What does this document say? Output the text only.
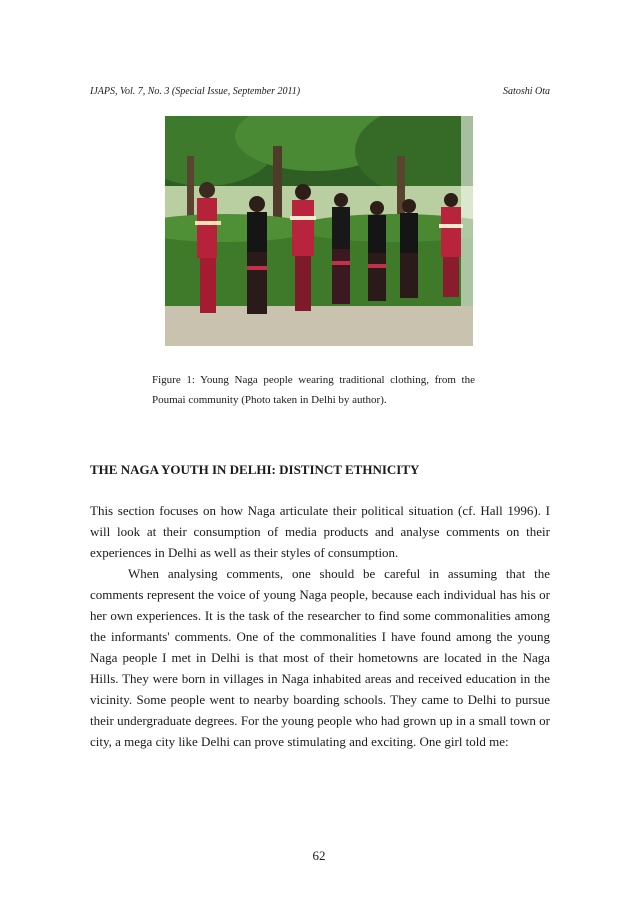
IJAPS, Vol. 7, No. 3 (Special Issue, September 2011)	Satoshi Ota
Figure 1: Young Naga people wearing traditional clothing, from the Poumai community (Photo taken in Delhi by author).
THE NAGA YOUTH IN DELHI: DISTINCT ETHNICITY

This section focuses on how Naga articulate their political situation (cf. Hall 1996). I will look at their consumption of media products and analyse comments on their experiences in Delhi as well as their styles of consumption.

When analysing comments, one should be careful in assuming that the comments represent the voice of young Naga people, because each individual has his or her own experiences. It is the task of the researcher to find some commonalities among the informants' comments. One of the commonalities I have found among the young Naga people I met in Delhi is that most of their hometowns are located in the Naga Hills. They were born in villages in Naga inhabited areas and received education in the vicinity. Some people went to nearby boarding schools. They came to Delhi to pursue their undergraduate degrees. For the young people who had grown up in a small town or city, a mega city like Delhi can prove stimulating and exciting. One girl told me:

62
